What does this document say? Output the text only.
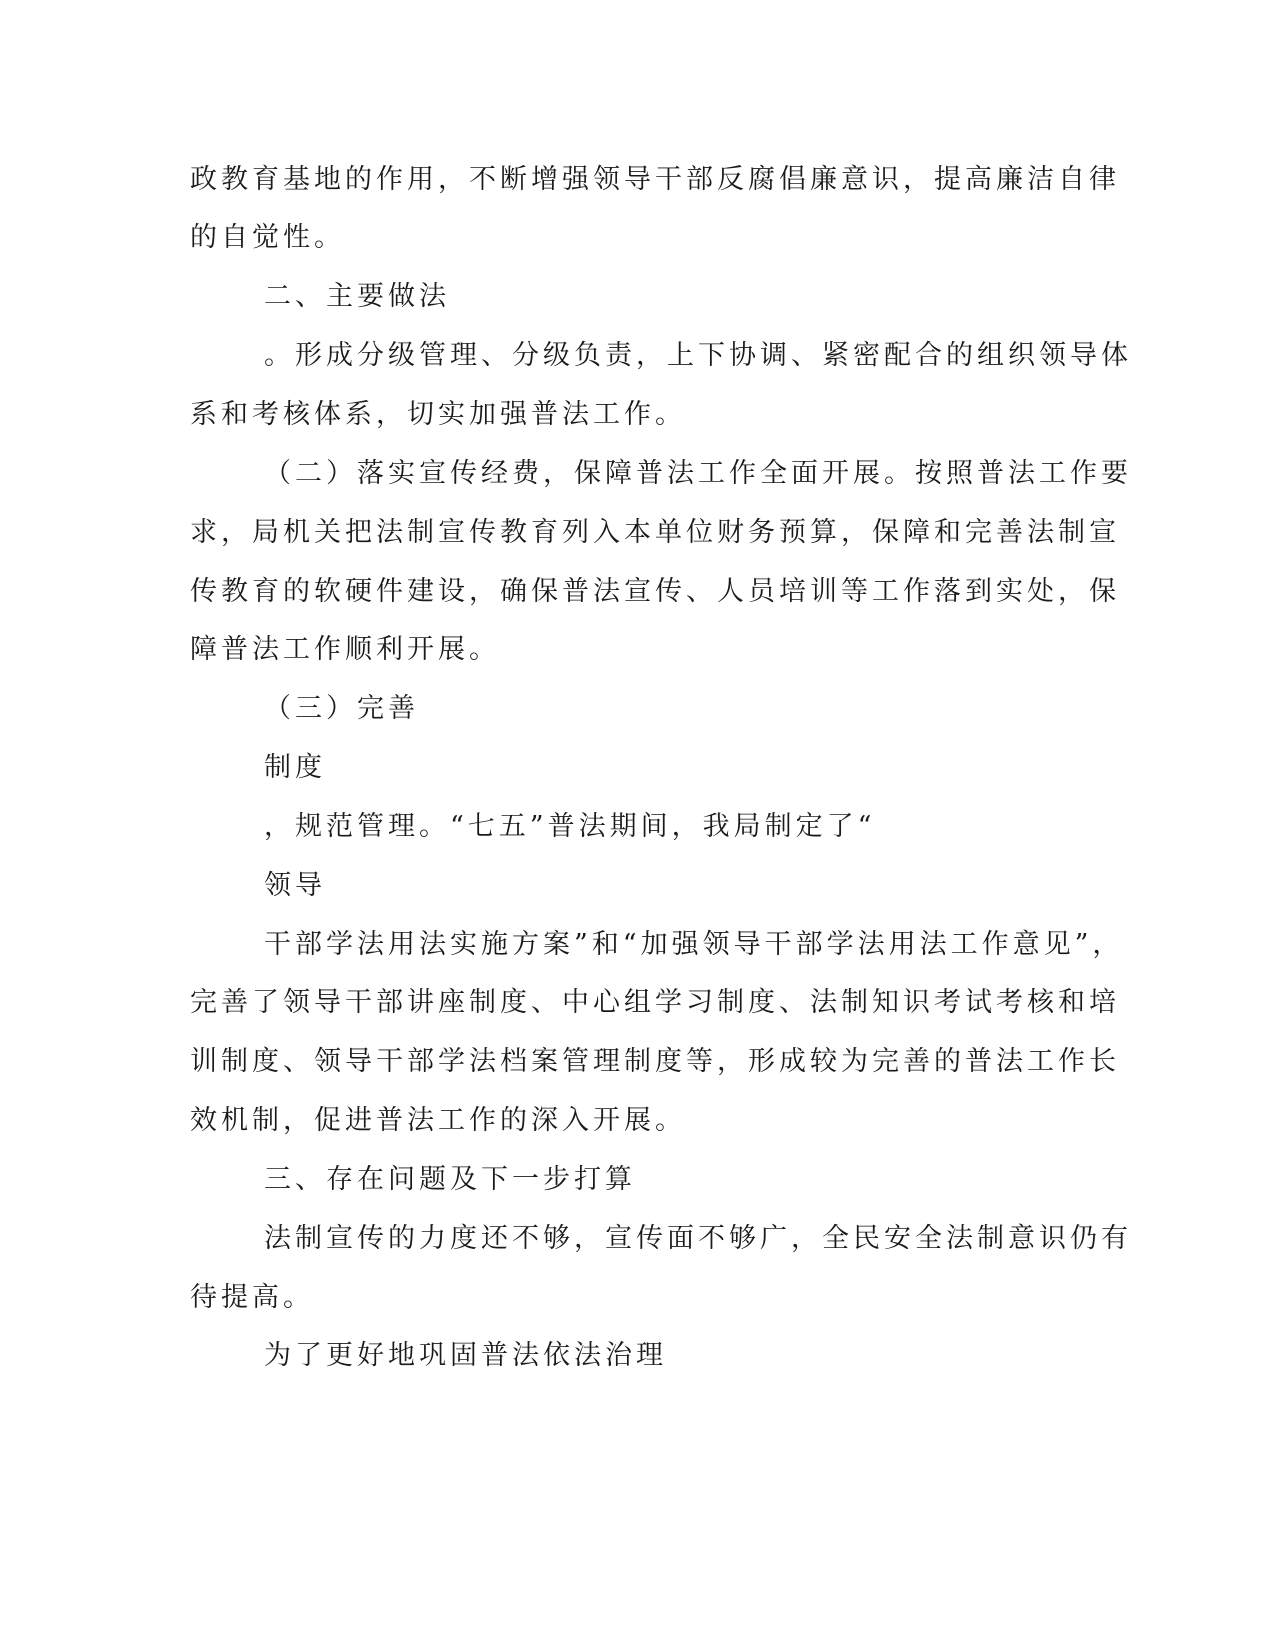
政教育基地的作用，不断增强领导干部反腐倡廉意识，提高廉洁自律
的自觉性。
二、主要做法
。形成分级管理、分级负责，上下协调、紧密配合的组织领导体
系和考核体系，切实加强普法工作。
（二）落实宣传经费，保障普法工作全面开展。按照普法工作要
求，局机关把法制宣传教育列入本单位财务预算，保障和完善法制宣
传教育的软硬件建设，确保普法宣传、人员培训等工作落到实处，保
障普法工作顺利开展。
（三）完善
制度
，规范管理。“七五”普法期间，我局制定了“
领导
干部学法用法实施方案”和“加强领导干部学法用法工作意见”，
完善了领导干部讲座制度、中心组学习制度、法制知识考试考核和培
训制度、领导干部学法档案管理制度等，形成较为完善的普法工作长
效机制，促进普法工作的深入开展。
三、存在问题及下一步打算
法制宣传的力度还不够，宣传面不够广，全民安全法制意识仍有
待提高。
为了更好地巩固普法依法治理
